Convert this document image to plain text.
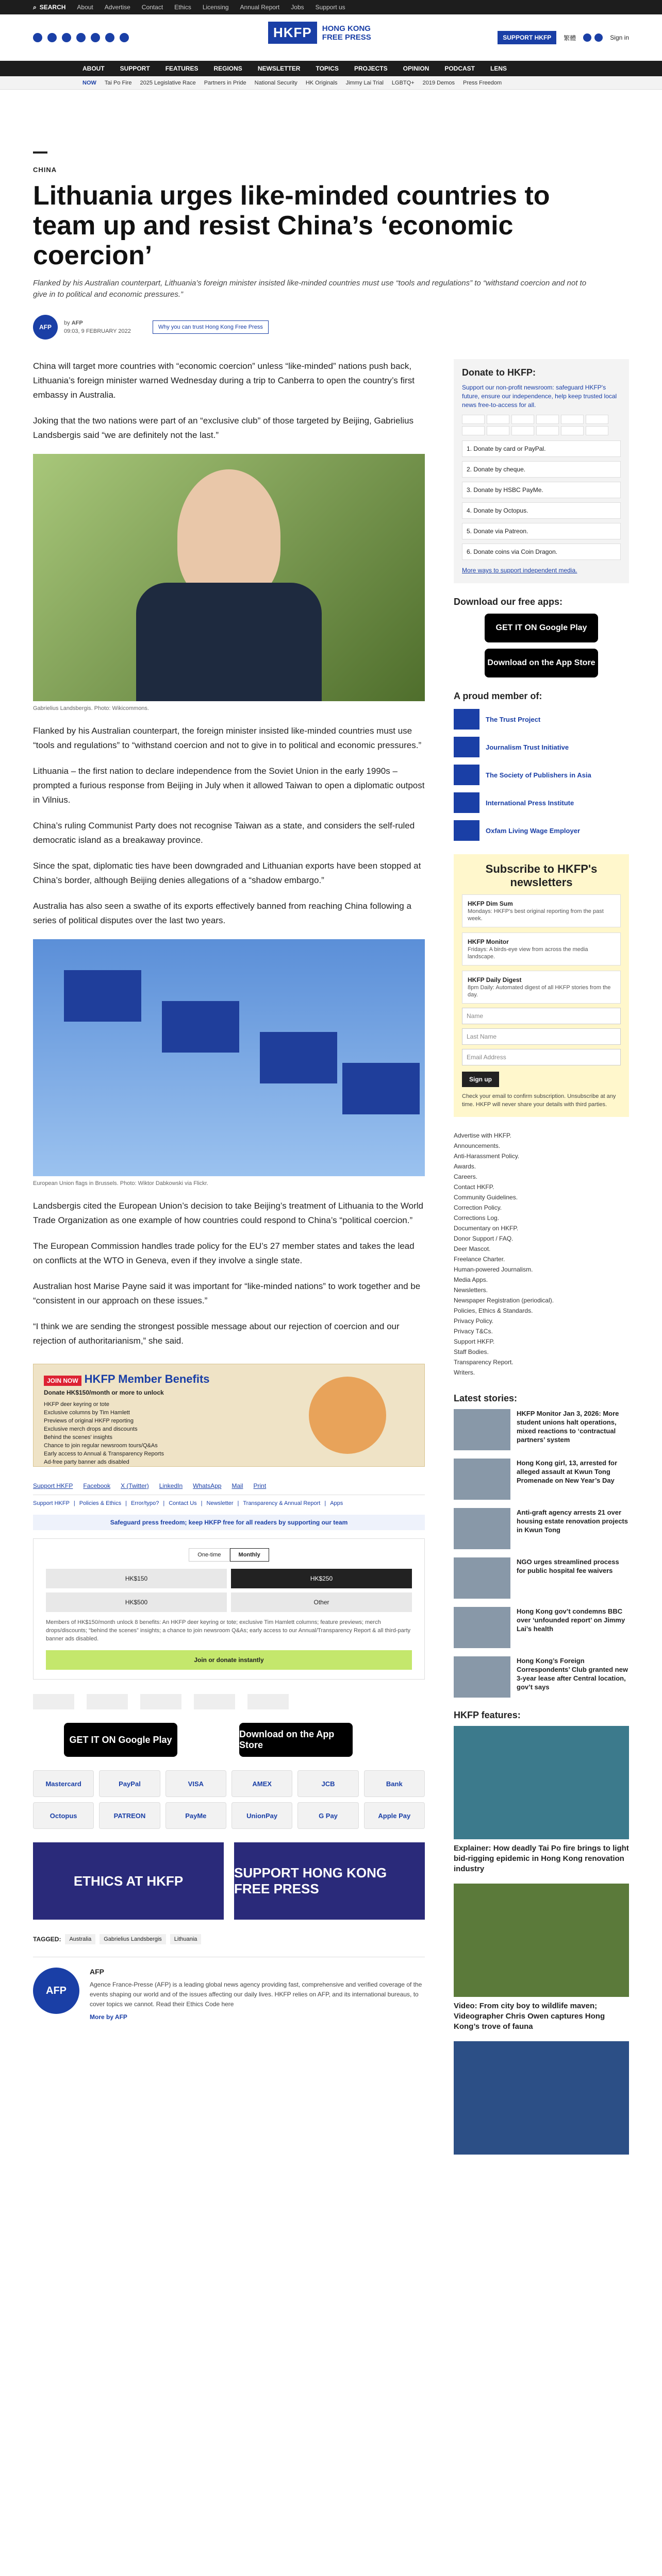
⌕ SEARCH About Advertise Contact Ethics Licensing Annual Report Jobs Support us
HKFP	HONG KONG
FREE PRESS	SUPPORT HKFP	繁體	Sign in
ABOUT	SUPPORT	FEATURES	REGIONS	NEWSLETTER	TOPICS	PROJECTS	OPINION	PODCAST	LENS
NOW Tai Po Fire 2025 Legislative Race Partners in Pride National Security HK Originals Jimmy Lai Trial LGBTQ+ 2019 Demos Press Freedom
CHINA
Lithuania urges like-minded countries to team up and resist China’s ‘economic coercion’

Flanked by his Australian counterpart, Lithuania’s foreign minister insisted like-minded countries must use “tools and regulations” to “withstand coercion and not to give in to political and economic pressures.”

AFP
by AFP
09:03, 9 FEBRUARY 2022
Why you can trust Hong Kong Free Press

China will target more countries with “economic coercion” unless “like-minded” nations push back, Lithuania’s foreign minister warned Wednesday during a trip to Canberra to open the country’s first embassy in Australia.

Joking that the two nations were part of an “exclusive club” of those targeted by Beijing, Gabrielius Landsbergis said “we are definitely not the last.”

Gabrielius Landsbergis. Photo: Wikicommons.

Flanked by his Australian counterpart, the foreign minister insisted like-minded countries must use “tools and regulations” to “withstand coercion and not to give in to political and economic pressures.”

Lithuania – the first nation to declare independence from the Soviet Union in the early 1990s – prompted a furious response from Beijing in July when it allowed Taiwan to open a diplomatic outpost in Vilnius.

China’s ruling Communist Party does not recognise Taiwan as a state, and considers the self-ruled democratic island as a breakaway province.

Since the spat, diplomatic ties have been downgraded and Lithuanian exports have been stopped at China’s border, although Beijing denies allegations of a “shadow embargo.”

Australia has also seen a swathe of its exports effectively banned from reaching China following a series of political disputes over the last two years.

European Union flags in Brussels. Photo: Wiktor Dabkowski via Flickr.

Landsbergis cited the European Union’s decision to take Beijing’s treatment of Lithuania to the World Trade Organization as one example of how countries could respond to China’s “political coercion.”

The European Commission handles trade policy for the EU’s 27 member states and takes the lead on conflicts at the WTO in Geneva, even if they involve a single state.

Australian host Marise Payne said it was important for “like-minded nations” to work together and be “consistent in our approach on these issues.”

“I think we are sending the strongest possible message about our rejection of coercion and our rejection of authoritarianism,” she said.

JOIN NOW HKFP Member Benefits
Donate HK$150/month or more to unlock
HKFP deer keyring or tote
Exclusive columns by Tim Hamlett
Previews of original HKFP reporting
Exclusive merch drops and discounts
Behind the scenes' insights
Chance to join regular newsroom tours/Q&As
Early access to Annual & Transparency Reports
Ad-free party banner ads disabled
Support HKFP Facebook X (Twitter) LinkedIn WhatsApp Mail Print
Support HKFP | Policies & Ethics | Error/typo? | Contact Us | Newsletter | Transparency & Annual Report | Apps
Safeguard press freedom; keep HKFP free for all readers by supporting our team
One-time	Monthly
HK$150	HK$250
HK$500	Other
Members of HK$150/month unlock 8 benefits: An HKFP deer keyring or tote; exclusive Tim Hamlett columns; feature previews; merch drops/discounts; “behind the scenes” insights; a chance to join newsroom Q&As; early access to our Annual/Transparency Report & all third-party banner ads disabled.
Join or donate instantly
GET IT ON Google Play
Download on the App Store
Mastercard	PayPal	VISA	AMEX	JCB	Bank
Octopus	PATREON	PayMe	UnionPay	G Pay	Apple Pay
ETHICS AT HKFP
SUPPORT HONG KONG FREE PRESS
TAGGED:	Australia	Gabrielius Landsbergis	Lithuania
AFP
AFP
Agence France-Presse (AFP) is a leading global news agency providing fast, comprehensive and verified coverage of the events shaping our world and of the issues affecting our daily lives. HKFP relies on AFP, and its international bureaus, to cover topics we cannot. Read their Ethics Code here
More by AFP
Donate to HKFP:

Support our non-profit newsroom: safeguard HKFP's future, ensure our independence, help keep trusted local news free-to-access for all.

1. Donate by card or PayPal.
2. Donate by cheque.
3. Donate by HSBC PayMe.
4. Donate by Octopus.
5. Donate via Patreon.
6. Donate coins via Coin Dragon.

More ways to support independent media.

Download our free apps:
GET IT ON Google Play
Download on the App Store
A proud member of:
The Trust Project
Journalism Trust Initiative
The Society of Publishers in Asia
International Press Institute
Oxfam Living Wage Employer
Subscribe to HKFP's newsletters
HKFP Dim Sum
Mondays: HKFP's best original reporting from the past week.
HKFP Monitor
Fridays: A birds-eye view from across the media landscape.
HKFP Daily Digest
8pm Daily: Automated digest of all HKFP stories from the day.
Name
Last Name
Email Address
Sign up
Check your email to confirm subscription. Unsubscribe at any time. HKFP will never share your details with third parties.
Advertise with HKFP.
Announcements.
Anti-Harassment Policy.
Awards.
Careers.
Contact HKFP.
Community Guidelines.
Correction Policy.
Corrections Log.
Documentary on HKFP.
Donor Support / FAQ.
Deer Mascot.
Freelance Charter.
Human-powered Journalism.
Media Apps.
Newsletters.
Newspaper Registration (periodical).
Policies, Ethics & Standards.
Privacy Policy.
Privacy T&Cs.
Support HKFP.
Staff Bodies.
Transparency Report.
Writers.
Latest stories:
HKFP Monitor Jan 3, 2026: More student unions halt operations, mixed reactions to ‘contractual partners’ system
Hong Kong girl, 13, arrested for alleged assault at Kwun Tong Promenade on New Year’s Day
Anti-graft agency arrests 21 over housing estate renovation projects in Kwun Tong
NGO urges streamlined process for public hospital fee waivers
Hong Kong gov’t condemns BBC over ‘unfounded report’ on Jimmy Lai’s health
Hong Kong’s Foreign Correspondents’ Club granted new 3-year lease after Central location, gov’t says
HKFP features:
Explainer: How deadly Tai Po fire brings to light bid-rigging epidemic in Hong Kong renovation industry
Video: From city boy to wildlife maven; Videographer Chris Owen captures Hong Kong’s trove of fauna
